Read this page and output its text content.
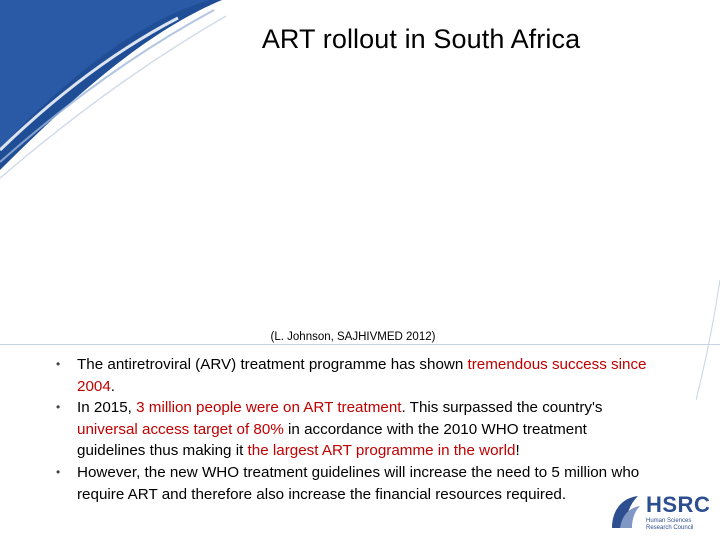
ART rollout in South Africa
(L. Johnson, SAJHIVMED 2012)
• The antiretroviral (ARV) treatment programme has shown tremendous success since 2004.
• In 2015, 3 million people were on ART treatment. This surpassed the country's universal access target of 80% in accordance with the 2010 WHO treatment guidelines thus making it the largest ART programme in the world!
• However, the new WHO treatment guidelines will increase the need to 5 million who require ART and therefore also increase the financial resources required.	HSRC
Human Sciences Research Council
